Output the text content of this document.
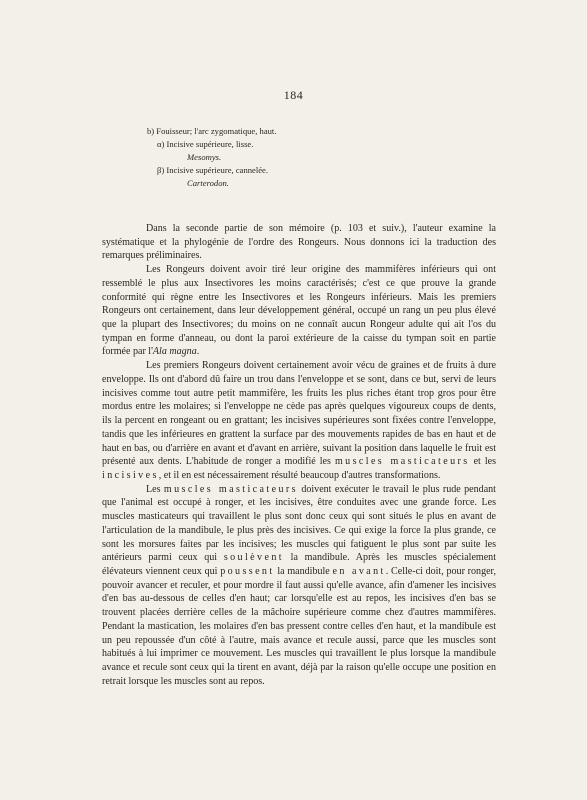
184
b) Fouisseur; l'arc zygomatique, haut.
α) Incisive supérieure, lisse.
Mesomys.
β) Incisive supérieure, cannelée.
Carterodon.

Dans la seconde partie de son mémoire (p. 103 et suiv.), l'auteur examine la systématique et la phylogénie de l'ordre des Rongeurs. Nous donnons ici la traduction des remarques préliminaires.

Les Rongeurs doivent avoir tiré leur origine des mammifères inférieurs qui ont ressemblé le plus aux Insectivores les moins caractérisés; c'est ce que prouve la grande conformité qui règne entre les Insectivores et les Rongeurs inférieurs. Mais les premiers Rongeurs ont certainement, dans leur développement général, occupé un rang un peu plus élevé que la plupart des Insectivores; du moins on ne connaît aucun Rongeur adulte qui ait l'os du tympan en forme d'anneau, ou dont la paroi extérieure de la caisse du tympan soit en partie formée par l'Ala magna.

Les premiers Rongeurs doivent certainement avoir vécu de graines et de fruits à dure enveloppe. Ils ont d'abord dû faire un trou dans l'enveloppe et se sont, dans ce but, servi de leurs incisives comme tout autre petit mammifère, les fruits les plus riches étant trop gros pour être mordus entre les molaires; si l'enveloppe ne cède pas après quelques vigoureux coups de dents, ils la percent en rongeant ou en grattant; les incisives supérieures sont fixées contre l'enveloppe, tandis que les inférieures en grattent la surface par des mouvements rapides de bas en haut et de haut en bas, ou d'arrière en avant et d'avant en arrière, suivant la position dans laquelle le fruit est présenté aux dents. L'habitude de ronger a modifié les muscles masticateurs et les incisives, et il en est nécessairement résulté beaucoup d'autres transformations.

Les muscles masticateurs doivent exécuter le travail le plus rude pendant que l'animal est occupé à ronger, et les incisives, être conduites avec une grande force. Les muscles masticateurs qui travaillent le plus sont donc ceux qui sont situés le plus en avant de l'articulation de la mandibule, le plus près des incisives. Ce qui exige la force la plus grande, ce sont les morsures faites par les incisives; les muscles qui fatiguent le plus sont par suite les antérieurs parmi ceux qui soulèvent la mandibule. Après les muscles spécialement élévateurs viennent ceux qui poussent la mandibule en avant. Celle-ci doit, pour ronger, pouvoir avancer et reculer, et pour mordre il faut aussi qu'elle avance, afin d'amener les incisives d'en bas au-dessous de celles d'en haut; car lorsqu'elle est au repos, les incisives d'en bas se trouvent placées derrière celles de la mâchoire supérieure comme chez d'autres mammifères. Pendant la mastication, les molaires d'en bas pressent contre celles d'en haut, et la mandibule est un peu repoussée d'un côté à l'autre, mais avance et recule aussi, parce que les muscles sont habitués à lui imprimer ce mouvement. Les muscles qui travaillent le plus lorsque la mandibule avance et recule sont ceux qui la tirent en avant, déjà par la raison qu'elle occupe une position en retrait lorsque les muscles sont au repos.
